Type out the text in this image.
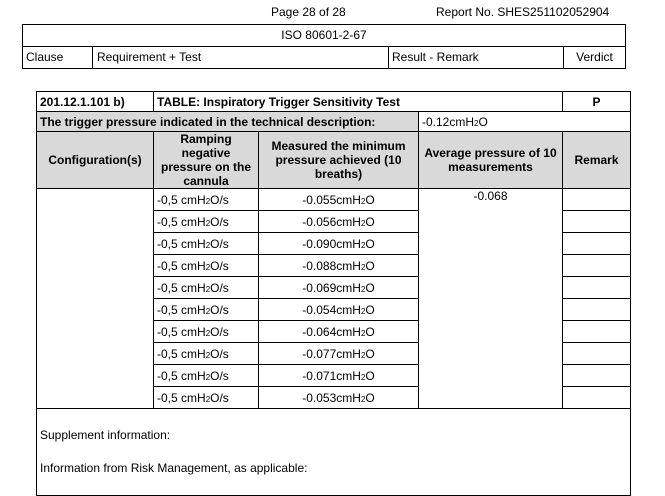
Page 28 of 28	Report No. SHES251102052904
ISO 80601-2-67
Clause	Requirement + Test	Result - Remark	Verdict
201.12.1.101 b)	TABLE: Inspiratory Trigger Sensitivity Test			P
The trigger pressure indicated in the technical description:			-0.12cmH2O	
Configuration(s)	Ramping negative pressure on the cannula	Measured the minimum pressure achieved (10 breaths)	Average pressure of 10 measurements	Remark
	-0,5 cmH2O/s	-0.055cmH2O	-0.068	
	-0,5 cmH2O/s	-0.056cmH2O		
	-0,5 cmH2O/s	-0.090cmH2O		
	-0,5 cmH2O/s	-0.088cmH2O		
	-0,5 cmH2O/s	-0.069cmH2O		
	-0,5 cmH2O/s	-0.054cmH2O		
	-0,5 cmH2O/s	-0.064cmH2O		
	-0,5 cmH2O/s	-0.077cmH2O		
	-0,5 cmH2O/s	-0.071cmH2O		
	-0,5 cmH2O/s	-0.053cmH2O		

Supplement information:
Information from Risk Management, as applicable:				
